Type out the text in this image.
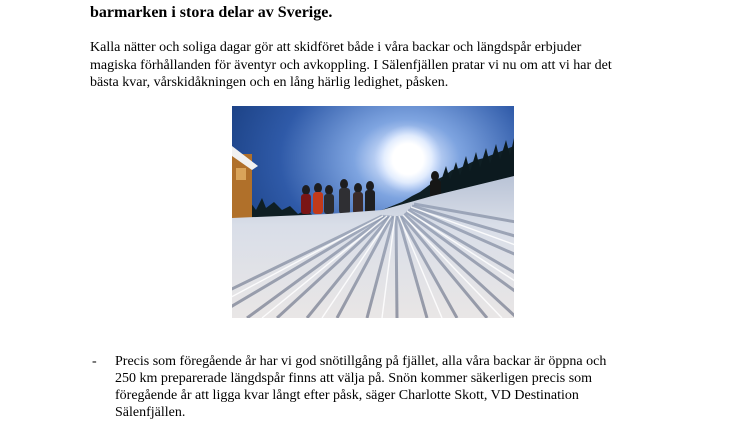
barmarken i stora delar av Sverige.

Kalla nätter och soliga dagar gör att skidföret både i våra backar och längdspår erbjuder
magiska förhållanden för äventyr och avkoppling. I Sälenfjällen pratar vi nu om att vi har det
bästa kvar, vårskidåkningen och en lång härlig ledighet, påsken.

- Precis som föregående år har vi god snötillgång på fjället, alla våra backar är öppna och
250 km preparerade längdspår finns att välja på. Snön kommer säkerligen precis som
föregående år att ligga kvar långt efter påsk, säger Charlotte Skott, VD Destination
Sälenfjällen.
